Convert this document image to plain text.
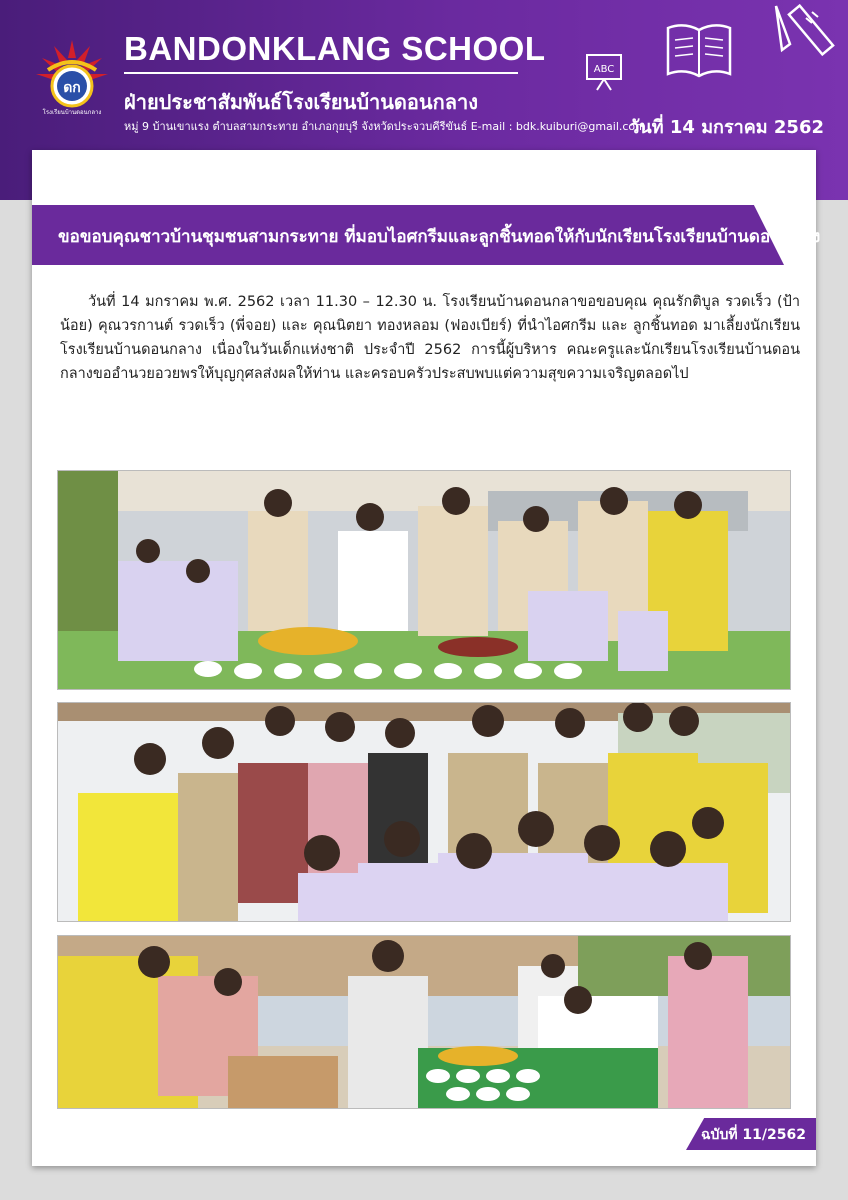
ดก
โรงเรียนบ้านดอนกลาง
BANDONKLANG SCHOOL
ฝ่ายประชาสัมพันธ์โรงเรียนบ้านดอนกลาง
หมู่ 9 บ้านเขาแรง ตำบลสามกระทาย อำเภอกุยบุรี จังหวัดประจวบคีรีขันธ์ E-mail : bdk.kuiburi@gmail.com
วันที่ 14 มกราคม 2562
ABC
ขอขอบคุณชาวบ้านชุมชนสามกระทาย ที่มอบไอศกรีมและลูกชิ้นทอดให้กับนักเรียนโรงเรียนบ้านดอนกลาง
วันที่ 14 มกราคม พ.ศ. 2562 เวลา 11.30 – 12.30 น. โรงเรียนบ้านดอนกลาขอขอบคุณ คุณรักติบูล รวดเร็ว (ป้าน้อย) คุณวรกานต์ รวดเร็ว (พี่จอย) และ คุณนิตยา ทองหลอม (ฟองเบียร์) ที่นำไอศกรีม และ ลูกชิ้นทอด มาเลี้ยงนักเรียนโรงเรียนบ้านดอนกลาง เนื่องในวันเด็กแห่งชาติ ประจำปี 2562 การนี้ผู้บริหาร คณะครูและนักเรียนโรงเรียนบ้านดอนกลางขออำนวยอวยพรให้บุญกุศลส่งผลให้ท่าน และครอบครัวประสบพบแต่ความสุขความเจริญตลอดไป
ฉบับที่ 11/2562
